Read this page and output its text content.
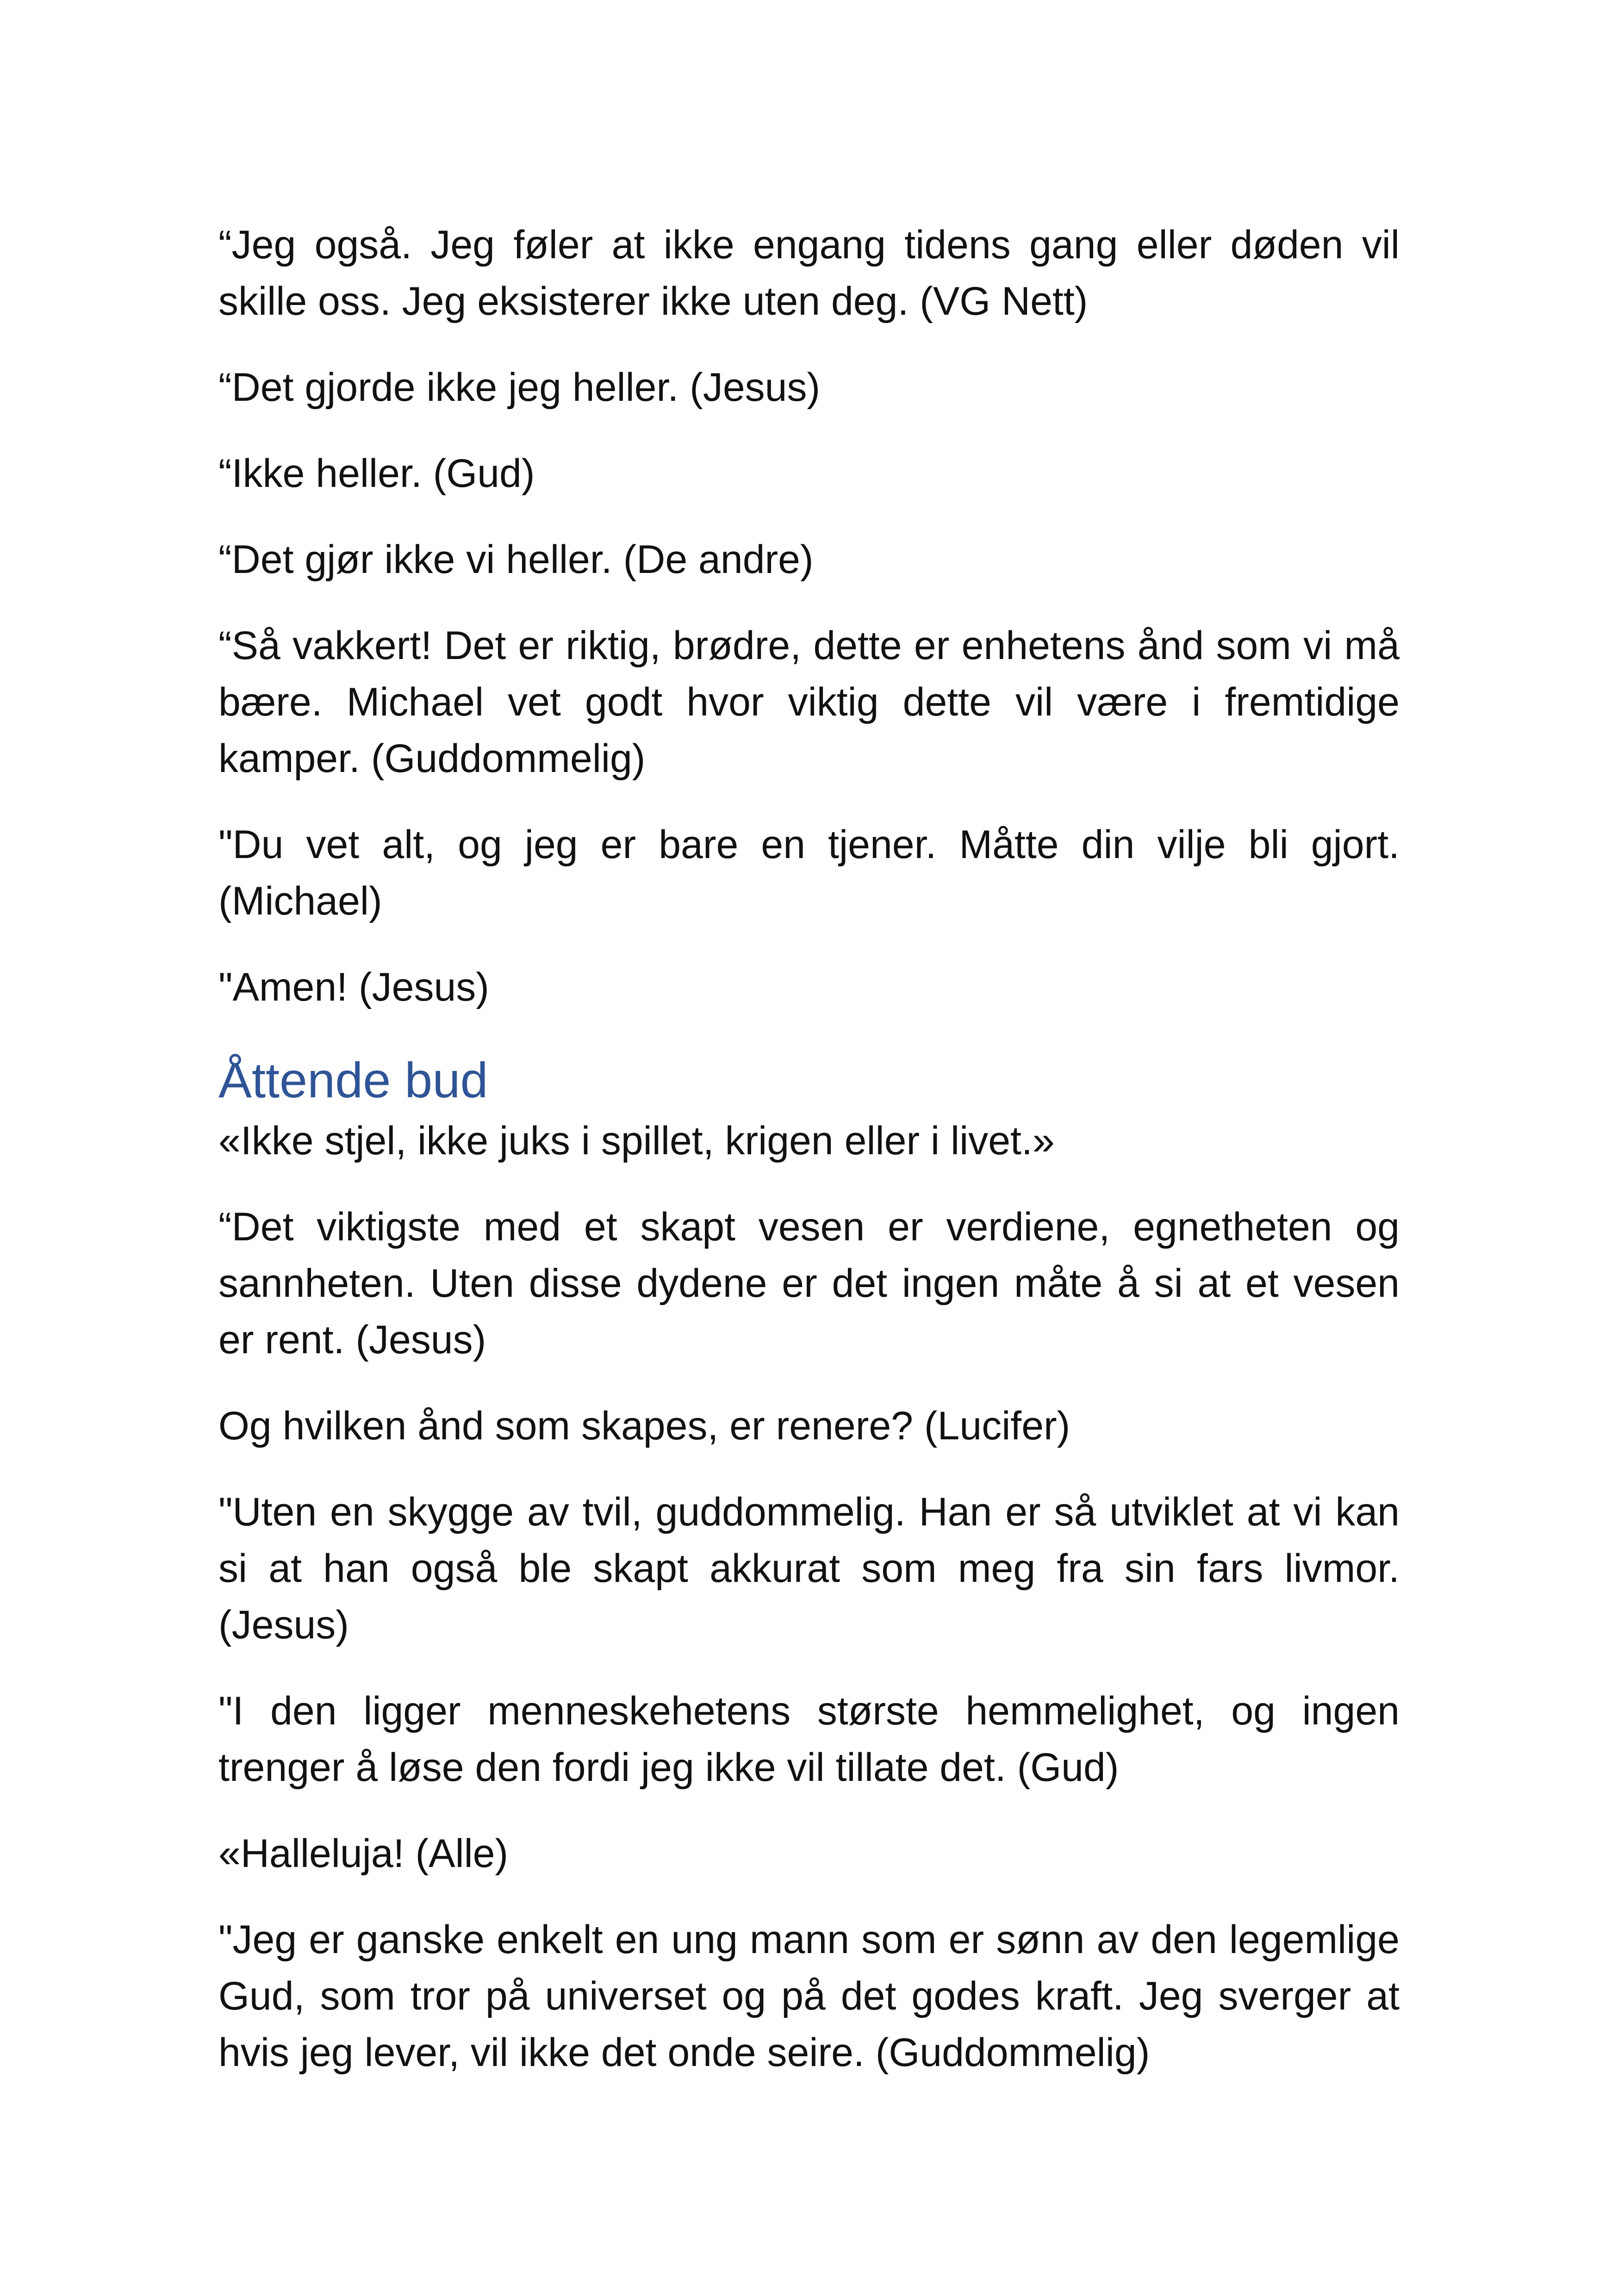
“Jeg også. Jeg føler at ikke engang tidens gang eller døden vil skille oss. Jeg eksisterer ikke uten deg. (VG Nett)

“Det gjorde ikke jeg heller. (Jesus)

“Ikke heller. (Gud)

“Det gjør ikke vi heller. (De andre)

“Så vakkert! Det er riktig, brødre, dette er enhetens ånd som vi må bære. Michael vet godt hvor viktig dette vil være i fremtidige kamper. (Guddommelig)

"Du vet alt, og jeg er bare en tjener. Måtte din vilje bli gjort. (Michael)

"Amen! (Jesus)

Åttende bud

«Ikke stjel, ikke juks i spillet, krigen eller i livet.»

“Det viktigste med et skapt vesen er verdiene, egnetheten og sannheten. Uten disse dydene er det ingen måte å si at et vesen er rent. (Jesus)

Og hvilken ånd som skapes, er renere? (Lucifer)

"Uten en skygge av tvil, guddommelig. Han er så utviklet at vi kan si at han også ble skapt akkurat som meg fra sin fars livmor. (Jesus)

"I den ligger menneskehetens største hemmelighet, og ingen trenger å løse den fordi jeg ikke vil tillate det. (Gud)

«Halleluja! (Alle)

"Jeg er ganske enkelt en ung mann som er sønn av den legemlige Gud, som tror på universet og på det godes kraft. Jeg sverger at hvis jeg lever, vil ikke det onde seire. (Guddommelig)
